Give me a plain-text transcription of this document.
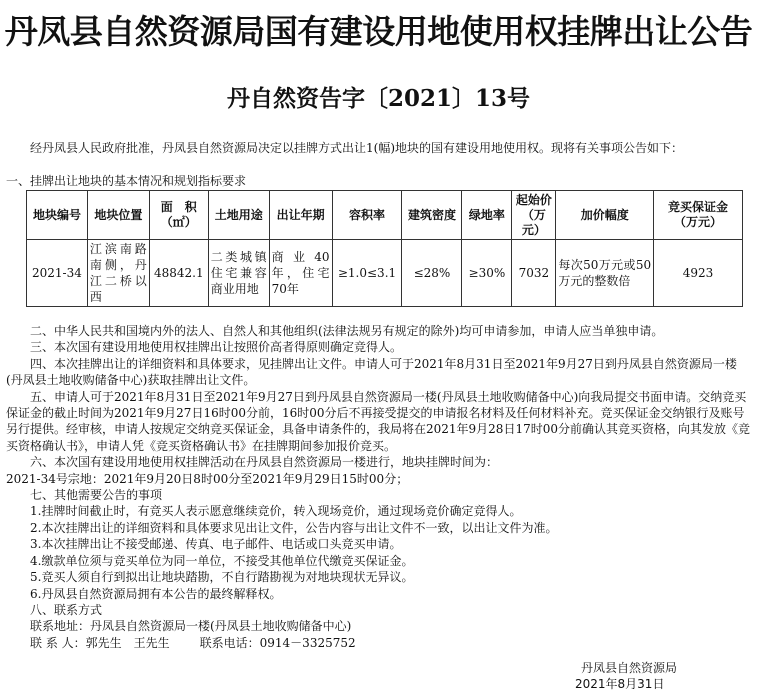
丹凤县自然资源局国有建设用地使用权挂牌出让公告
丹自然资告字〔2021〕13号
经丹凤县人民政府批准，丹凤县自然资源局决定以挂牌方式出让1(幅)地块的国有建设用地使用权。现将有关事项公告如下：
一、挂牌出让地块的基本情况和规划指标要求
地块编号	地块位置	面　积（㎡）	土地用途	出让年期	容积率	建筑密度	绿地率	起始价（万元）	加价幅度	竞买保证金（万元）
2021-34	江滨南路南侧，丹江二桥以西	48842.1	二类城镇住宅兼容商业用地	商 业 40年，住宅70年	≥1.0≤3.1	≤28%	≥30%	7032	每次50万元或50万元的整数倍	4923

二、中华人民共和国境内外的法人、自然人和其他组织(法律法规另有规定的除外)均可申请参加，申请人应当单独申请。

三、本次国有建设用地使用权挂牌出让按照价高者得原则确定竞得人。

四、本次挂牌出让的详细资料和具体要求，见挂牌出让文件。申请人可于2021年8月31日至2021年9月27日到丹凤县自然资源局一楼(丹凤县土地收购储备中心)获取挂牌出让文件。

五、申请人可于2021年8月31日至2021年9月27日到丹凤县自然资源局一楼(丹凤县土地收购储备中心)向我局提交书面申请。交纳竞买保证金的截止时间为2021年9月27日16时00分前，16时00分后不再接受提交的申请报名材料及任何材料补充。竞买保证金交纳银行及账号另行提供。经审核，申请人按规定交纳竞买保证金，具备申请条件的，我局将在2021年9月28日17时00分前确认其竞买资格，向其发放《竞买资格确认书》，申请人凭《竞买资格确认书》在挂牌期间参加报价竞买。

六、本次国有建设用地使用权挂牌活动在丹凤县自然资源局一楼进行，地块挂牌时间为：

2021-34号宗地：2021年9月20日8时00分至2021年9月29日15时00分；

七、其他需要公告的事项

1.挂牌时间截止时，有竞买人表示愿意继续竞价，转入现场竞价，通过现场竞价确定竞得人。

2.本次挂牌出让的详细资料和具体要求见出让文件，公告内容与出让文件不一致，以出让文件为准。

3.本次挂牌出让不接受邮递、传真、电子邮件、电话或口头竞买申请。

4.缴款单位须与竞买单位为同一单位，不接受其他单位代缴竞买保证金。

5.竞买人须自行到拟出让地块踏勘，不自行踏勘视为对地块现状无异议。

6.丹凤县自然资源局拥有本公告的最终解释权。

八、联系方式

联系地址：丹凤县自然资源局一楼(丹凤县土地收购储备中心)

联 系 人：郭先生　王先生	联系电话：0914－3325752

丹凤县自然资源局
2021年8月31日
